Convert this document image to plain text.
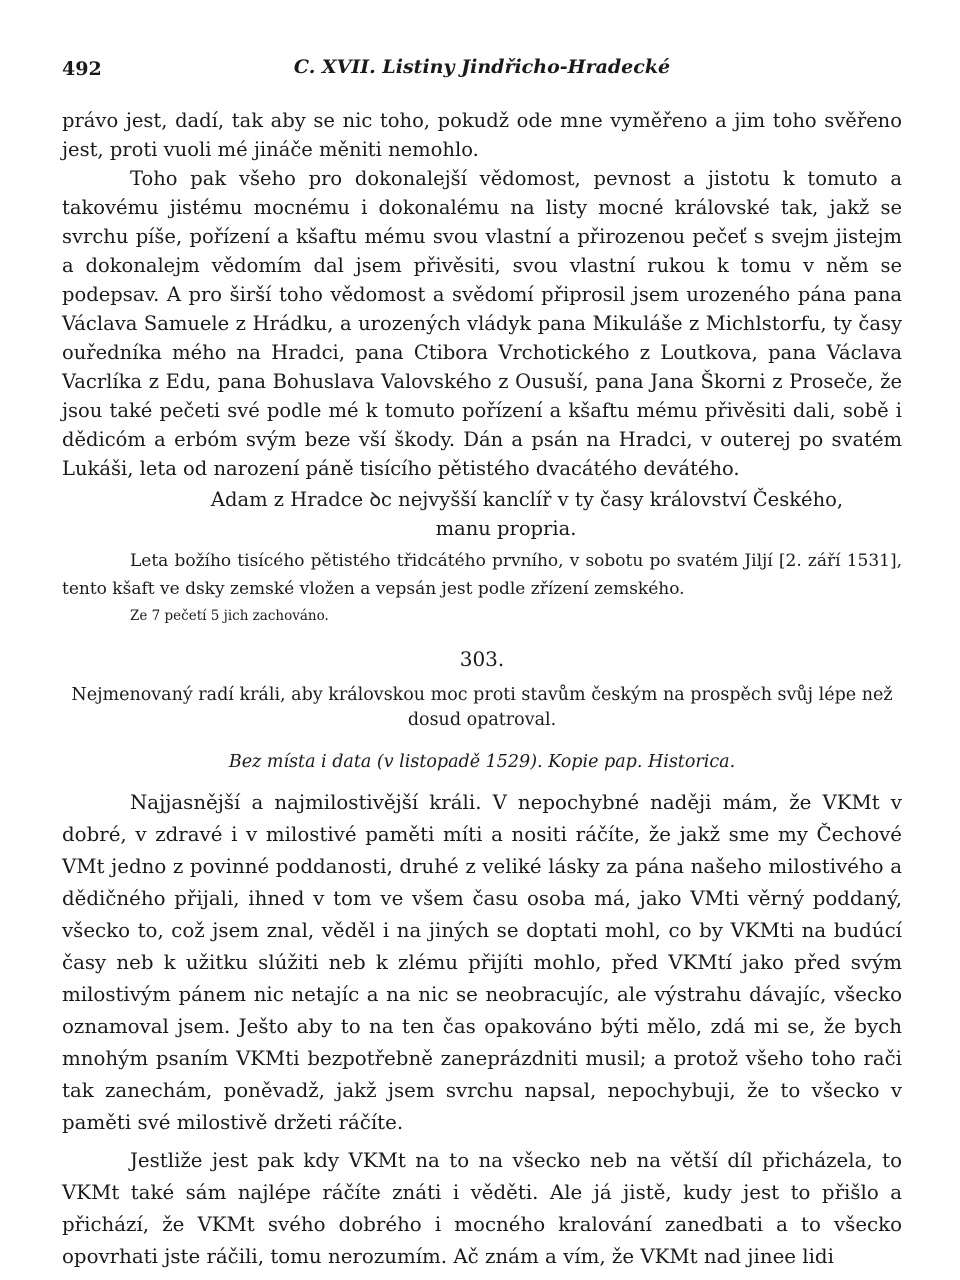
492	C. XVII. Listiny Jindřicho-Hradecké

právo jest, dadí, tak aby se nic toho, pokudž ode mne vyměřeno a jim toho svěřeno jest, proti vuoli mé jináče měniti nemohlo.

Toho pak všeho pro dokonalejší vědomost, pevnost a jistotu k tomuto a takovému jistému mocnému i dokonalému na listy mocné královské tak, jakž se svrchu píše, pořízení a kšaftu mému svou vlastní a přirozenou pečeť s svejm jistejm a dokonalejm vědomím dal jsem přivěsiti, svou vlastní rukou k tomu v něm se podepsav. A pro širší toho vědomost a svědomí připrosil jsem urozeného pána pana Václava Samuele z Hrádku, a urozených vládyk pana Mikuláše z Michlstorfu, ty časy ouředníka mého na Hradci, pana Ctibora Vrchotického z Loutkova, pana Václava Vacrlíka z Edu, pana Bohuslava Valovského z Ousuší, pana Jana Škorni z Proseče, že jsou také pečeti své podle mé k tomuto pořízení a kšaftu mému přivěsiti dali, sobě i dědicóm a erbóm svým beze vší škody. Dán a psán na Hradci, v outerej po svatém Lukáši, leta od narození páně tisícího pětistého dvacátého devátého.

Adam z Hradce ꝺc nejvyšší kanclíř v ty časy království Českého,

manu propria.

Leta božího tisícého pětistého třidcátého prvního, v sobotu po svatém Jiljí [2. září 1531], tento kšaft ve dsky zemské vložen a vepsán jest podle zřízení zemského.

Ze 7 pečetí 5 jich zachováno.

303.

Nejmenovaný radí králi, aby královskou moc proti stavům českým na prospěch svůj lépe než dosud opatroval.

Bez místa i data (v listopadě 1529). Kopie pap. Historica.

Najjasnější a najmilostivější králi. V nepochybné naději mám, že VKMt v dobré, v zdravé i v milostivé paměti míti a nositi ráčíte, že jakž sme my Čechové VMt jedno z povinné poddanosti, druhé z veliké lásky za pána našeho milostivého a dědičného přijali, ihned v tom ve všem času osoba má, jako VMti věrný poddaný, všecko to, což jsem znal, věděl i na jiných se doptati mohl, co by VKMti na budúcí časy neb k užitku slúžiti neb k zlému přijíti mohlo, před VKMtí jako před svým milostivým pánem nic netajíc a na nic se neobracujíc, ale výstrahu dávajíc, všecko oznamoval jsem. Ješto aby to na ten čas opakováno býti mělo, zdá mi se, že bych mnohým psaním VKMti bezpotřebně zaneprázdniti musil; a protož všeho toho rači tak zanechám, poněvadž, jakž jsem svrchu napsal, nepochybuji, že to všecko v paměti své milostivě držeti ráčíte.

Jestliže jest pak kdy VKMt na to na všecko neb na větší díl přicházela, to VKMt také sám najlépe ráčíte znáti i věděti. Ale já jistě, kudy jest to přišlo a přichází, že VKMt svého dobrého i mocného kralování zanedbati a to všecko opovrhati jste ráčili, tomu nerozumím. Ač znám a vím, že VKMt nad jinee lidi
